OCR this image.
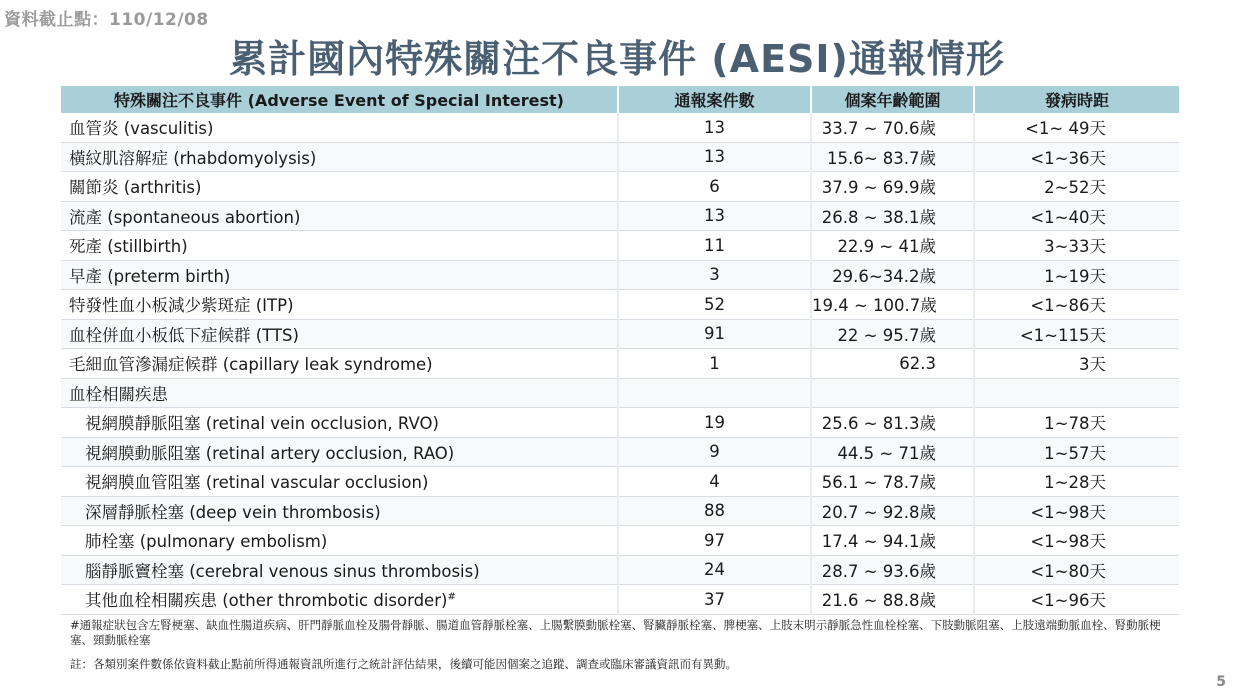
資料截止點：110/12/08
累計國內特殊關注不良事件 (AESI)通報情形
特殊關注不良事件 (Adverse Event of Special Interest)	通報案件數	個案年齡範圍	發病時距
血管炎 (vasculitis)	13	33.7 ~ 70.6歲	<1~ 49天
橫紋肌溶解症 (rhabdomyolysis)	13	15.6~ 83.7歲	<1~36天
關節炎 (arthritis)	6	37.9 ~ 69.9歲	2~52天
流產 (spontaneous abortion)	13	26.8 ~ 38.1歲	<1~40天
死產 (stillbirth)	11	22.9 ~ 41歲	3~33天
早產 (preterm birth)	3	29.6~34.2歲	1~19天
特發性血小板減少紫斑症 (ITP)	52	19.4 ~ 100.7歲	<1~86天
血栓併血小板低下症候群 (TTS)	91	22 ~ 95.7歲	<1~115天
毛細血管滲漏症候群 (capillary leak syndrome)	1	62.3	3天
血栓相關疾患			
視網膜靜脈阻塞 (retinal vein occlusion, RVO)	19	25.6 ~ 81.3歲	1~78天
視網膜動脈阻塞 (retinal artery occlusion, RAO)	9	44.5 ~ 71歲	1~57天
視網膜血管阻塞 (retinal vascular occlusion)	4	56.1 ~ 78.7歲	1~28天
深層靜脈栓塞 (deep vein thrombosis)	88	20.7 ~ 92.8歲	<1~98天
肺栓塞 (pulmonary embolism)	97	17.4 ~ 94.1歲	<1~98天
腦靜脈竇栓塞 (cerebral venous sinus thrombosis)	24	28.7 ~ 93.6歲	<1~80天
其他血栓相關疾患 (other thrombotic disorder)#	37	21.6 ~ 88.8歲	<1~96天
#通報症狀包含左腎梗塞、缺血性腸道疾病、肝門靜脈血栓及腸骨靜脈、腸道血管靜脈栓塞、上腸繫膜動脈栓塞、腎臟靜脈栓塞、脾梗塞、上肢末明示靜脈急性血栓栓塞、下肢動脈阻塞、上肢遠端動脈血栓、腎動脈梗塞、頸動脈栓塞
註：各類別案件數係依資料截止點前所得通報資訊所進行之統計評估結果，後續可能因個案之追蹤、調查或臨床審議資訊而有異動。
5
